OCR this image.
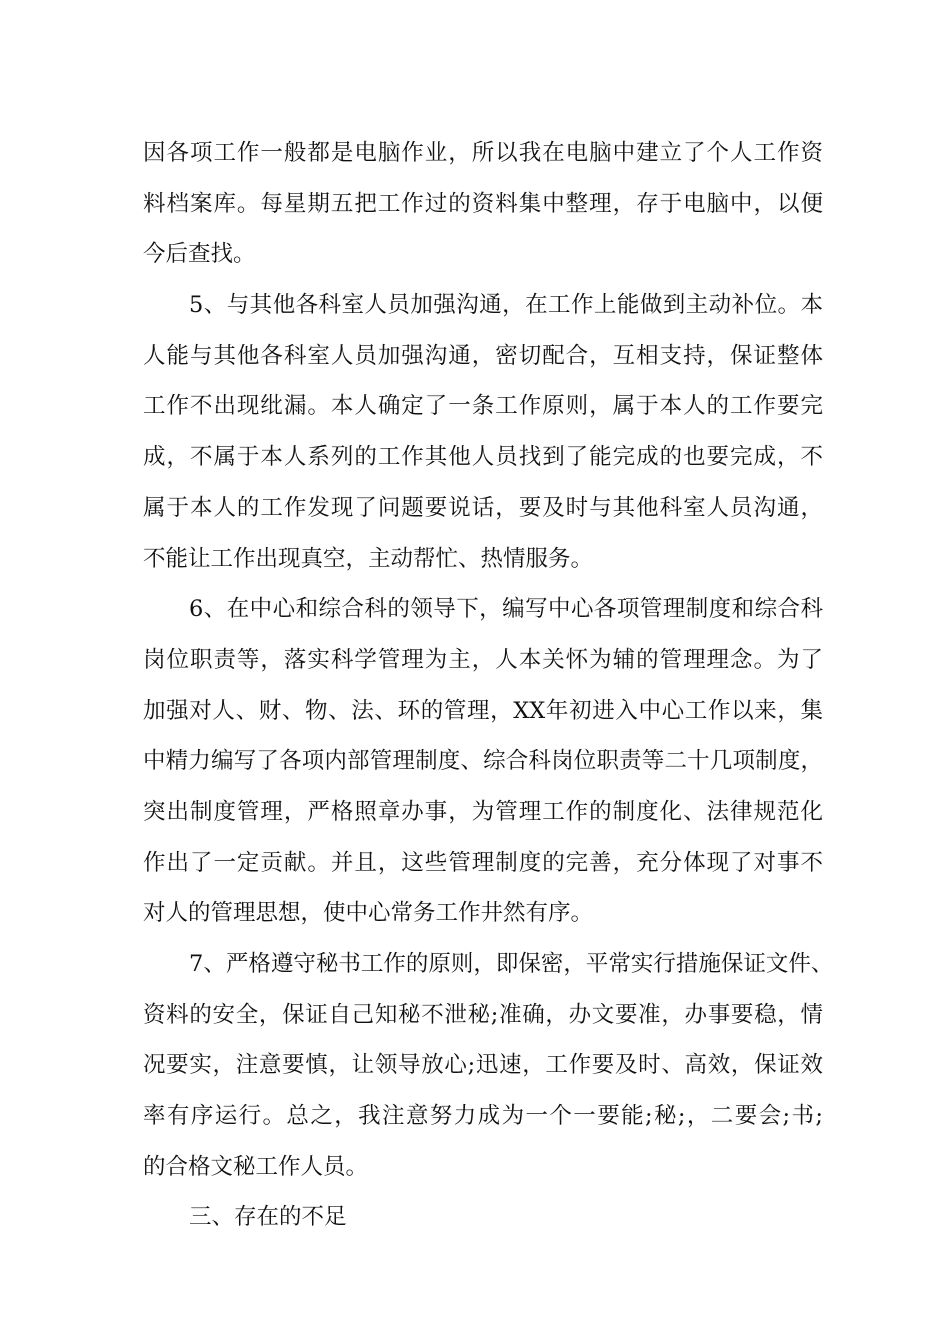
因各项工作一般都是电脑作业，所以我在电脑中建立了个人工作资
料档案库。每星期五把工作过的资料集中整理，存于电脑中，以便
今后查找。
5、与其他各科室人员加强沟通，在工作上能做到主动补位。本
人能与其他各科室人员加强沟通，密切配合，互相支持，保证整体
工作不出现纰漏。本人确定了一条工作原则，属于本人的工作要完
成，不属于本人系列的工作其他人员找到了能完成的也要完成，不
属于本人的工作发现了问题要说话，要及时与其他科室人员沟通，
不能让工作出现真空，主动帮忙、热情服务。
6、在中心和综合科的领导下，编写中心各项管理制度和综合科
岗位职责等，落实科学管理为主，人本关怀为辅的管理理念。为了
加强对人、财、物、法、环的管理，XX年初进入中心工作以来，集
中精力编写了各项内部管理制度、综合科岗位职责等二十几项制度，
突出制度管理，严格照章办事，为管理工作的制度化、法律规范化
作出了一定贡献。并且，这些管理制度的完善，充分体现了对事不
对人的管理思想，使中心常务工作井然有序。
7、严格遵守秘书工作的原则，即保密，平常实行措施保证文件、
资料的安全，保证自己知秘不泄秘;准确，办文要准，办事要稳，情
况要实，注意要慎，让领导放心;迅速，工作要及时、高效，保证效
率有序运行。总之，我注意努力成为一个一要能;秘;，二要会;书;
的合格文秘工作人员。
三、存在的不足
